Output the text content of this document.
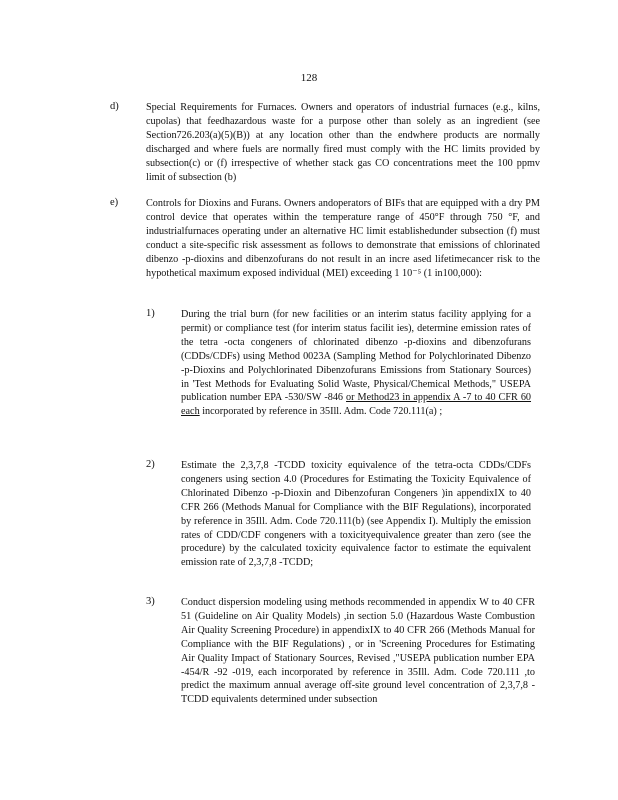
128
d)	Special Requirements for Furnaces. Owners and operators of industrial furnaces (e.g., kilns, cupolas) that feedhazardous waste for a purpose other than solely as an ingredient (see Section726.203(a)(5)(B)) at any location other than the endwhere products are normally discharged and where fuels are normally fired must comply with the HC limits provided by subsection(c) or (f) irrespective of whether stack gas CO concentrations meet the 100 ppmv limit of subsection (b)

e)	Controls for Dioxins and Furans. Owners andoperators of BIFs that are equipped with a dry PM control device that operates within the temperature range of 450°F through 750 °F, and industrialfurnaces operating under an alternative HC limit establishedunder subsection (f) must conduct a site-specific risk assessment as follows to demonstrate that emissions of chlorinated dibenzo -p-dioxins and dibenzofurans do not result in an incre ased lifetimecancer risk to the hypothetical maximum exposed individual (MEI) exceeding 1 10⁻⁵ (1 in100,000):

1)	During the trial burn (for new facilities or an interim status facility applying for a permit) or compliance test (for interim status facilit ies), determine emission rates of the tetra -octa congeners of chlorinated dibenzo -p-dioxins and dibenzofurans (CDDs/CDFs) using Method 0023A (Sampling Method for Polychlorinated Dibenzo -p-Dioxins and Polychlorinated Dibenzofurans Emissions from Stationary Sources) in 'Test Methods for Evaluating Solid Waste, Physical/Chemical Methods," USEPA publication number EPA -530/SW -846 or Method23 in appendix A -7 to 40 CFR 60 each incorporated by reference in 35Ill. Adm. Code 720.111(a) ;

2)	Estimate the 2,3,7,8 -TCDD toxicity equivalence of the tetra-octa CDDs/CDFs congeners using section 4.0 (Procedures for Estimating the Toxicity Equivalence of Chlorinated Dibenzo -p-Dioxin and Dibenzofuran Congeners )in appendixIX to 40 CFR 266 (Methods Manual for Compliance with the BIF Regulations), incorporated by reference in 35Ill. Adm. Code 720.111(b) (see Appendix I). Multiply the emission rates of CDD/CDF congeners with a toxicityequivalence greater than zero (see the procedure) by the calculated toxicity equivalence factor to estimate the equivalent emission rate of 2,3,7,8 -TCDD;

3)	Conduct dispersion modeling using methods recommended in appendix W to 40 CFR 51 (Guideline on Air Quality Models) ,in section 5.0 (Hazardous Waste Combustion Air Quality Screening Procedure) in appendixIX to 40 CFR 266 (Methods Manual for Compliance with the BIF Regulations) , or in 'Screening Procedures for Estimating Air Quality Impact of Stationary Sources, Revised ,"USEPA publication number EPA -454/R -92 -019, each incorporated by reference in 35Ill. Adm. Code 720.111 ,to predict the maximum annual average off-site ground level concentration of 2,3,7,8 -TCDD equivalents determined under subsection
